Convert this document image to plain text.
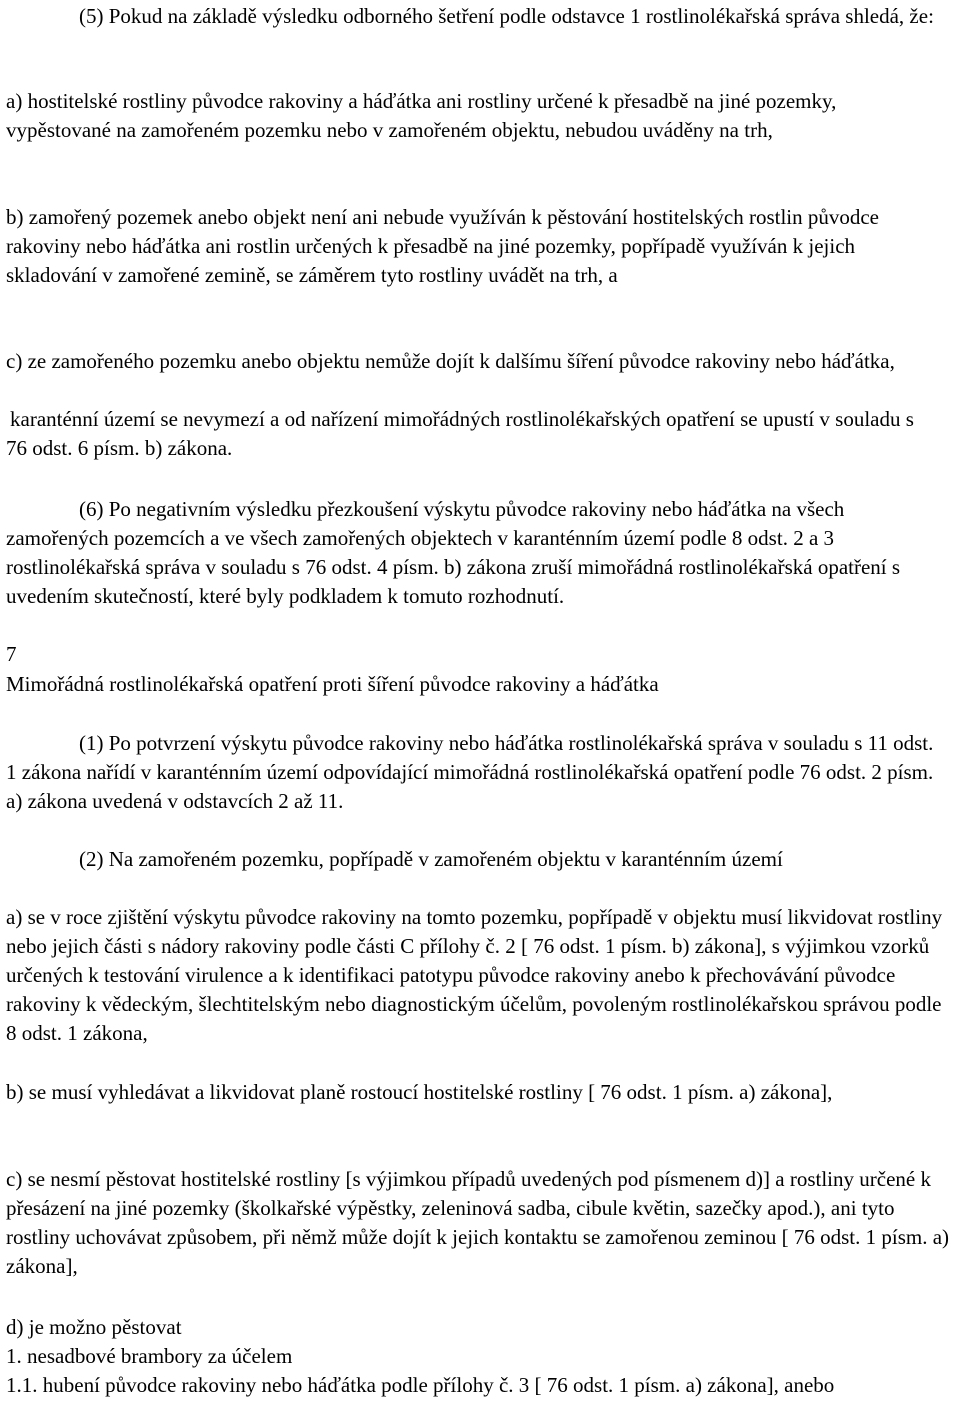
(5) Pokud na základě výsledku odborného šetření podle odstavce 1 rostlinolékařská správa shledá, že:

a) hostitelské rostliny původce rakoviny a háďátka ani rostliny určené k přesadbě na jiné pozemky, vypěstované na zamořeném pozemku nebo v zamořeném objektu, nebudou uváděny na trh,

b) zamořený pozemek anebo objekt není ani nebude využíván k pěstování hostitelských rostlin původce rakoviny nebo háďátka ani rostlin určených k přesadbě na jiné pozemky, popřípadě využíván k jejich skladování v zamořené zemině, se záměrem tyto rostliny uvádět na trh, a

c) ze zamořeného pozemku anebo objektu nemůže dojít k dalšímu šíření původce rakoviny nebo háďátka,

karanténní území se nevymezí a od nařízení mimořádných rostlinolékařských opatření se upustí v souladu s 76 odst. 6 písm. b) zákona.

(6) Po negativním výsledku přezkoušení výskytu původce rakoviny nebo háďátka na všech zamořených pozemcích a ve všech zamořených objektech v karanténním území podle 8 odst. 2 a 3 rostlinolékařská správa v souladu s 76 odst. 4 písm. b) zákona zruší mimořádná rostlinolékařská opatření s uvedením skutečností, které byly podkladem k tomuto rozhodnutí.

7

Mimořádná rostlinolékařská opatření proti šíření původce rakoviny a háďátka

(1) Po potvrzení výskytu původce rakoviny nebo háďátka rostlinolékařská správa v souladu s 11 odst. 1 zákona nařídí v karanténním území odpovídající mimořádná rostlinolékařská opatření podle 76 odst. 2 písm. a) zákona uvedená v odstavcích 2 až 11.

(2) Na zamořeném pozemku, popřípadě v zamořeném objektu v karanténním území

a) se v roce zjištění výskytu původce rakoviny na tomto pozemku, popřípadě v objektu musí likvidovat rostliny nebo jejich části s nádory rakoviny podle části C přílohy č. 2 [ 76 odst. 1 písm. b) zákona], s výjimkou vzorků určených k testování virulence a k identifikaci patotypu původce rakoviny anebo k přechovávání původce rakoviny k vědeckým, šlechtitelským nebo diagnostickým účelům, povoleným rostlinolékařskou správou podle 8 odst. 1 zákona,

b) se musí vyhledávat a likvidovat planě rostoucí hostitelské rostliny [ 76 odst. 1 písm. a) zákona],

c) se nesmí pěstovat hostitelské rostliny [s výjimkou případů uvedených pod písmenem d)] a rostliny určené k přesázení na jiné pozemky (školkařské výpěstky, zeleninová sadba, cibule květin, sazečky apod.), ani tyto rostliny uchovávat způsobem, při němž může dojít k jejich kontaktu se zamořenou zeminou [ 76 odst. 1 písm. a) zákona],

d) je možno pěstovat

1. nesadbové brambory za účelem

1.1. hubení původce rakoviny nebo háďátka podle přílohy č. 3 [ 76 odst. 1 písm. a) zákona], anebo
